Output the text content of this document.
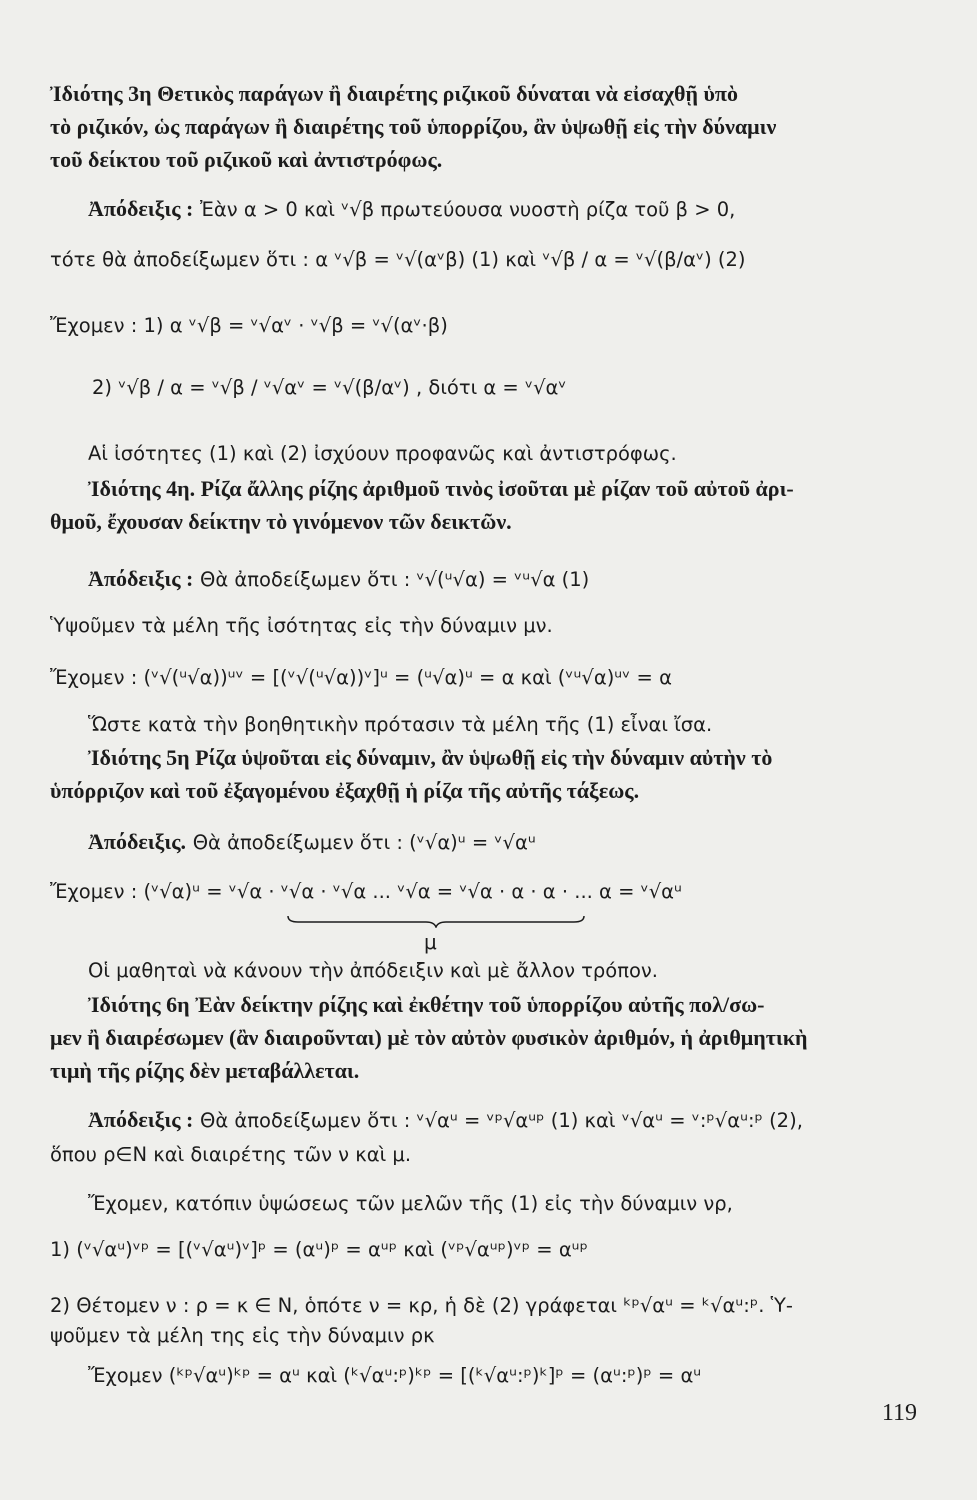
Ἰδιότης 3η Θετικὸς παράγων ἢ διαιρέτης ριζικοῦ δύναται νὰ εἰσαχθῇ ὑπὸ
τὸ ριζικόν, ὡς παράγων ἢ διαιρέτης τοῦ ὑπορρίζου, ἂν ὑψωθῇ εἰς τὴν δύναμιν
τοῦ δείκτου τοῦ ριζικοῦ καὶ ἀντιστρόφως.
Ἀπόδειξις : Ἐὰν α > 0 καὶ ᵛ√β πρωτεύουσα νυοστὴ ρίζα τοῦ β > 0,
τότε θὰ ἀποδείξωμεν ὅτι : α ᵛ√β = ᵛ√(αᵛβ) (1) καὶ ᵛ√β / α = ᵛ√(β/αᵛ) (2)
Ἔχομεν : 1) α ᵛ√β = ᵛ√αᵛ · ᵛ√β = ᵛ√(αᵛ·β)
2) ᵛ√β / α = ᵛ√β / ᵛ√αᵛ = ᵛ√(β/αᵛ) , διότι α = ᵛ√αᵛ
Αἱ ἰσότητες (1) καὶ (2) ἰσχύουν προφανῶς καὶ ἀντιστρόφως.
Ἰδιότης 4η. Ρίζα ἄλλης ρίζης ἀριθμοῦ τινὸς ἰσοῦται μὲ ρίζαν τοῦ αὐτοῦ ἀρι-
θμοῦ, ἔχουσαν δείκτην τὸ γινόμενον τῶν δεικτῶν.
Ἀπόδειξις : Θὰ ἀποδείξωμεν ὅτι : ᵛ√(ᵘ√α) = ᵛᵘ√α (1)
Ὑψοῦμεν τὰ μέλη τῆς ἰσότητας εἰς τὴν δύναμιν μν.
Ἔχομεν : (ᵛ√(ᵘ√α))ᵘᵛ = [(ᵛ√(ᵘ√α))ᵛ]ᵘ = (ᵘ√α)ᵘ = α καὶ (ᵛᵘ√α)ᵘᵛ = α
Ὥστε κατὰ τὴν βοηθητικὴν πρότασιν τὰ μέλη τῆς (1) εἶναι ἴσα.
Ἰδιότης 5η Ρίζα ὑψοῦται εἰς δύναμιν, ἂν ὑψωθῇ εἰς τὴν δύναμιν αὐτὴν τὸ
ὑπόρριζον καὶ τοῦ ἐξαγομένου ἐξαχθῇ ἡ ρίζα τῆς αὐτῆς τάξεως.
Ἀπόδειξις. Θὰ ἀποδείξωμεν ὅτι : (ᵛ√α)ᵘ = ᵛ√αᵘ
Ἔχομεν : (ᵛ√α)ᵘ = ᵛ√α · ᵛ√α · ᵛ√α ... ᵛ√α = ᵛ√α · α · α · ... α = ᵛ√αᵘ
μ
Οἱ μαθηταὶ νὰ κάνουν τὴν ἀπόδειξιν καὶ μὲ ἄλλον τρόπον.
Ἰδιότης 6η Ἐὰν δείκτην ρίζης καὶ ἐκθέτην τοῦ ὑπορρίζου αὐτῆς πολ/σω-
μεν ἢ διαιρέσωμεν (ἂν διαιροῦνται) μὲ τὸν αὐτὸν φυσικὸν ἀριθμόν, ἡ ἀριθμητικὴ
τιμὴ τῆς ρίζης δὲν μεταβάλλεται.
Ἀπόδειξις : Θὰ ἀποδείξωμεν ὅτι : ᵛ√αᵘ = ᵛᵖ√αᵘᵖ (1) καὶ ᵛ√αᵘ = ᵛ:ᵖ√αᵘ:ᵖ (2),
ὅπου ρ∈N καὶ διαιρέτης τῶν ν καὶ μ.
Ἔχομεν, κατόπιν ὑψώσεως τῶν μελῶν τῆς (1) εἰς τὴν δύναμιν νρ,
1) (ᵛ√αᵘ)ᵛᵖ = [(ᵛ√αᵘ)ᵛ]ᵖ = (αᵘ)ᵖ = αᵘᵖ καὶ (ᵛᵖ√αᵘᵖ)ᵛᵖ = αᵘᵖ
2) Θέτομεν ν : ρ = κ ∈ N, ὁπότε ν = κρ, ἡ δὲ (2) γράφεται ᵏᵖ√αᵘ = ᵏ√αᵘ:ᵖ. Ὑ-
ψοῦμεν τὰ μέλη της εἰς τὴν δύναμιν ρκ
Ἔχομεν (ᵏᵖ√αᵘ)ᵏᵖ = αᵘ καὶ (ᵏ√αᵘ:ᵖ)ᵏᵖ = [(ᵏ√αᵘ:ᵖ)ᵏ]ᵖ = (αᵘ:ᵖ)ᵖ = αᵘ
119
